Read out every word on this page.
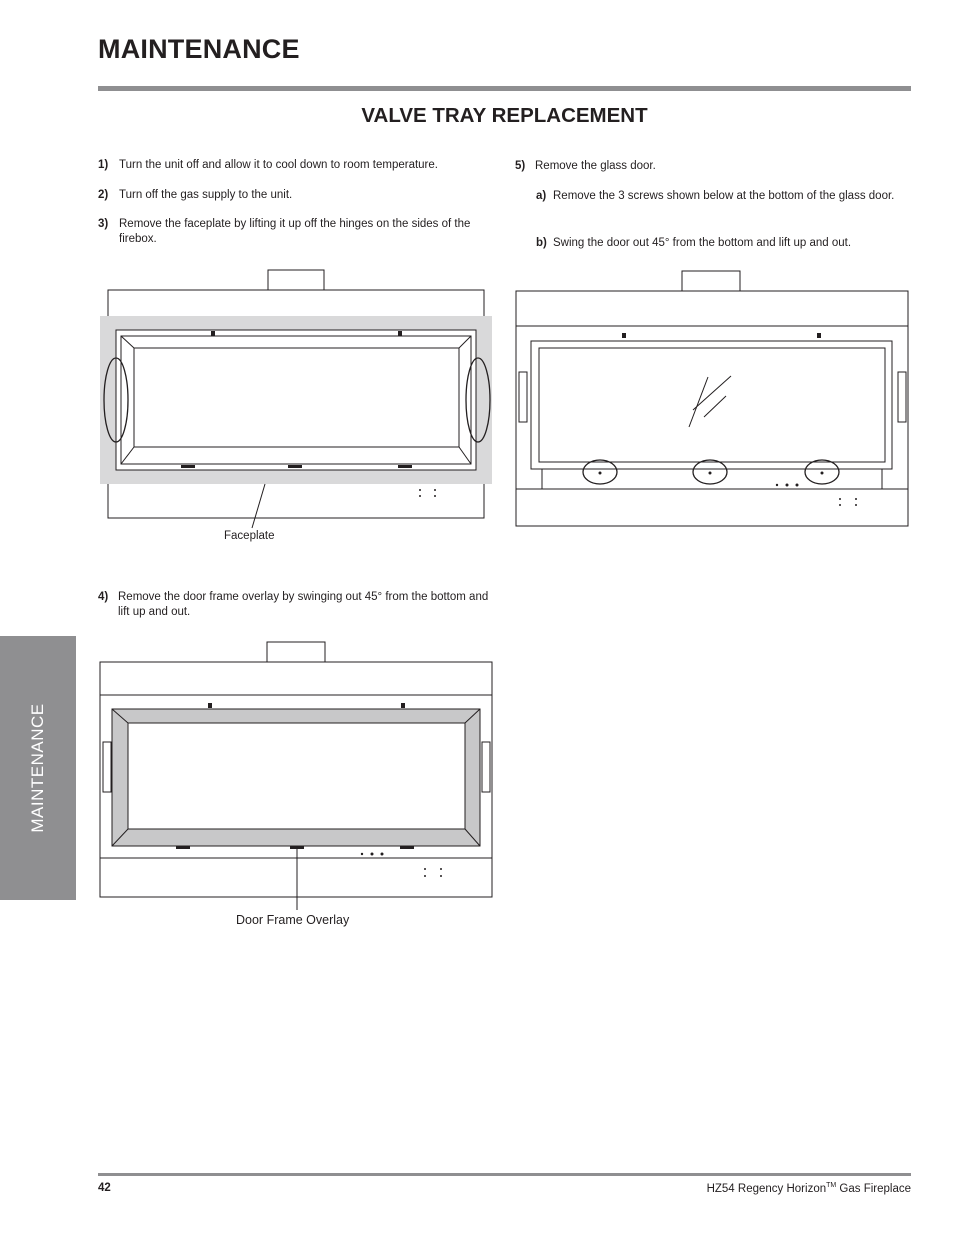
MAINTENANCE
VALVE TRAY REPLACEMENT
1) Turn the unit off and allow it to cool down to room temperature.
2) Turn off the gas supply to the unit.
3) Remove the faceplate by lifting it up off the hinges on the sides of the firebox.
5) Remove the glass door.
a) Remove the 3 screws shown below at the bottom of the glass door.
b) Swing the door out 45° from the bottom and lift up and out.
4) Remove the door frame overlay by swinging out 45° from the bottom and lift up and out.
Faceplate
Door Frame Overlay
MAINTENANCE
42	HZ54 Regency Horizon™ Gas Fireplace
